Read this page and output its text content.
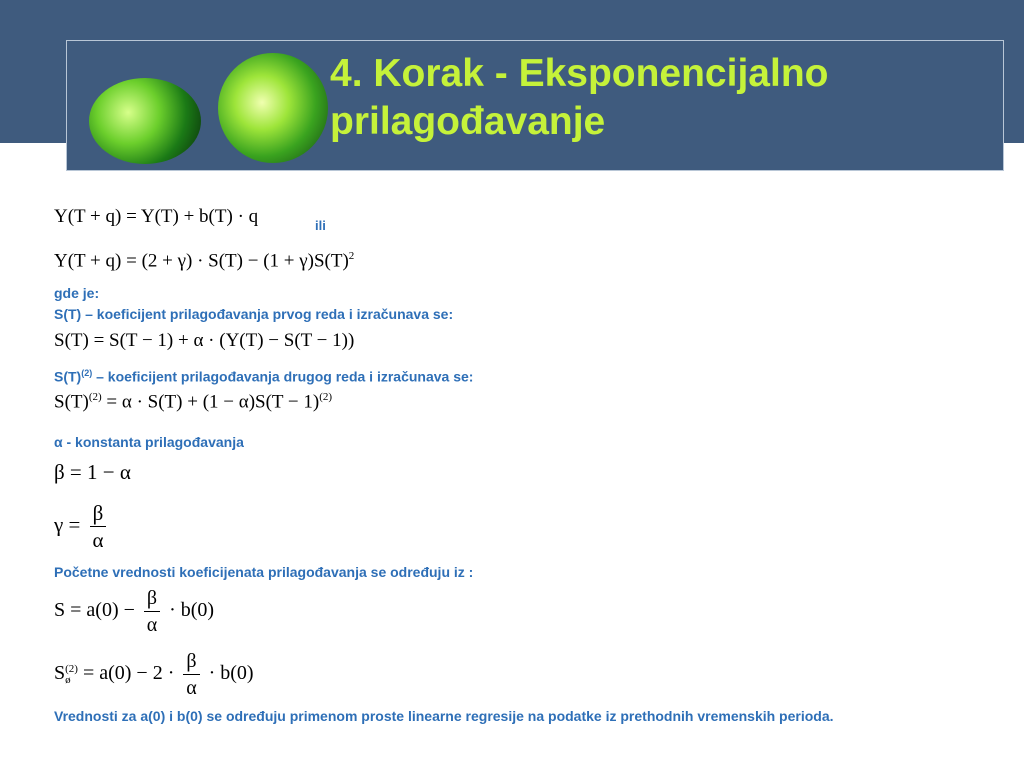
4. Korak - Eksponencijalno
prilagođavanje
Y(T + q) = Y(T) + b(T) · q	ili
$Y(T + q) = (2 + \gamma) \cdot S(T) - (1 + \gamma)S(T)^2$
gde je:
S(T) – koeficijent prilagođavanja prvog reda i izračunava se:
S(T) = S(T − 1) + α · (Y(T) − S(T − 1))
$S(T)^{(2)}$ – koeficijent prilagođavanja drugog reda i izračunava se:
$S(T)^{(2)} = \alpha \cdot S(T) + (1 - \alpha)S(T - 1)^{(2)}$
α - konstanta prilagođavanja
β = 1 − α
$\gamma = \frac{\beta}{\alpha}$
Početne vrednosti koeficijenata prilagođavanja se određuju iz :
$S = a(0) - \frac{\beta}{\alpha} \cdot b(0)$
S (2)
ø = $a(0) - 2 \cdot \frac{\beta}{\alpha} \cdot b(0)$
Vrednosti za a(0) i b(0) se određuju primenom proste linearne regresije na podatke iz prethodnih vremenskih perioda.
